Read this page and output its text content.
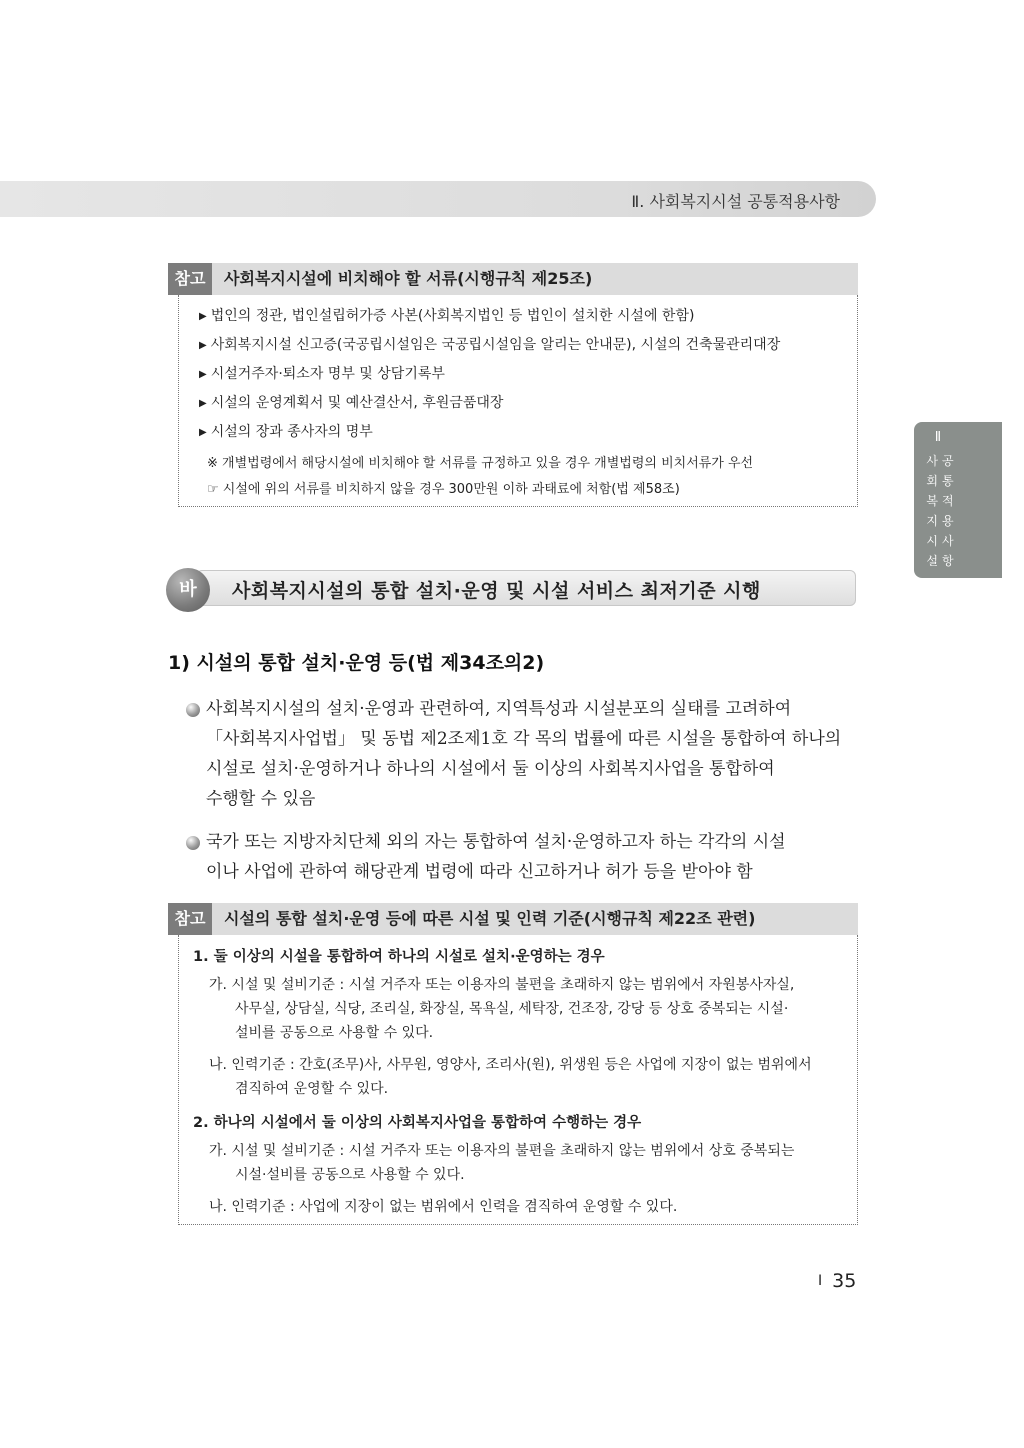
Ⅱ. 사회복지시설 공통적용사항
Ⅱ
사공
회통
복적
지용
시사
설항
참고	사회복지시설에 비치해야 할 서류(시행규칙 제25조)
▶ 법인의 정관, 법인설립허가증 사본(사회복지법인 등 법인이 설치한 시설에 한함)
▶ 사회복지시설 신고증(국공립시설임은 국공립시설임을 알리는 안내문), 시설의 건축물관리대장
▶ 시설거주자·퇴소자 명부 및 상담기록부
▶ 시설의 운영계획서 및 예산결산서, 후원금품대장
▶ 시설의 장과 종사자의 명부
※ 개별법령에서 해당시설에 비치해야 할 서류를 규정하고 있을 경우 개별법령의 비치서류가 우선
☞ 시설에 위의 서류를 비치하지 않을 경우 300만원 이하 과태료에 처함(법 제58조)
바	사회복지시설의 통합 설치·운영 및 시설 서비스 최저기준 시행
1) 시설의 통합 설치·운영 등(법 제34조의2)

사회복지시설의 설치·운영과 관련하여, 지역특성과 시설분포의 실태를 고려하여

「사회복지사업법」 및 동법 제2조제1호 각 목의 법률에 따른 시설을 통합하여 하나의

시설로 설치·운영하거나 하나의 시설에서 둘 이상의 사회복지사업을 통합하여

수행할 수 있음

국가 또는 지방자치단체 외의 자는 통합하여 설치·운영하고자 하는 각각의 시설

이나 사업에 관하여 해당관계 법령에 따라 신고하거나 허가 등을 받아야 함

참고	시설의 통합 설치·운영 등에 따른 시설 및 인력 기준(시행규칙 제22조 관련)
1. 둘 이상의 시설을 통합하여 하나의 시설로 설치·운영하는 경우
가. 시설 및 설비기준 : 시설 거주자 또는 이용자의 불편을 초래하지 않는 범위에서 자원봉사자실,
사무실, 상담실, 식당, 조리실, 화장실, 목욕실, 세탁장, 건조장, 강당 등 상호 중복되는 시설·
설비를 공동으로 사용할 수 있다.
나. 인력기준 : 간호(조무)사, 사무원, 영양사, 조리사(원), 위생원 등은 사업에 지장이 없는 범위에서
겸직하여 운영할 수 있다.
2. 하나의 시설에서 둘 이상의 사회복지사업을 통합하여 수행하는 경우
가. 시설 및 설비기준 : 시설 거주자 또는 이용자의 불편을 초래하지 않는 범위에서 상호 중복되는
시설·설비를 공동으로 사용할 수 있다.
나. 인력기준 : 사업에 지장이 없는 범위에서 인력을 겸직하여 운영할 수 있다.
I 35
